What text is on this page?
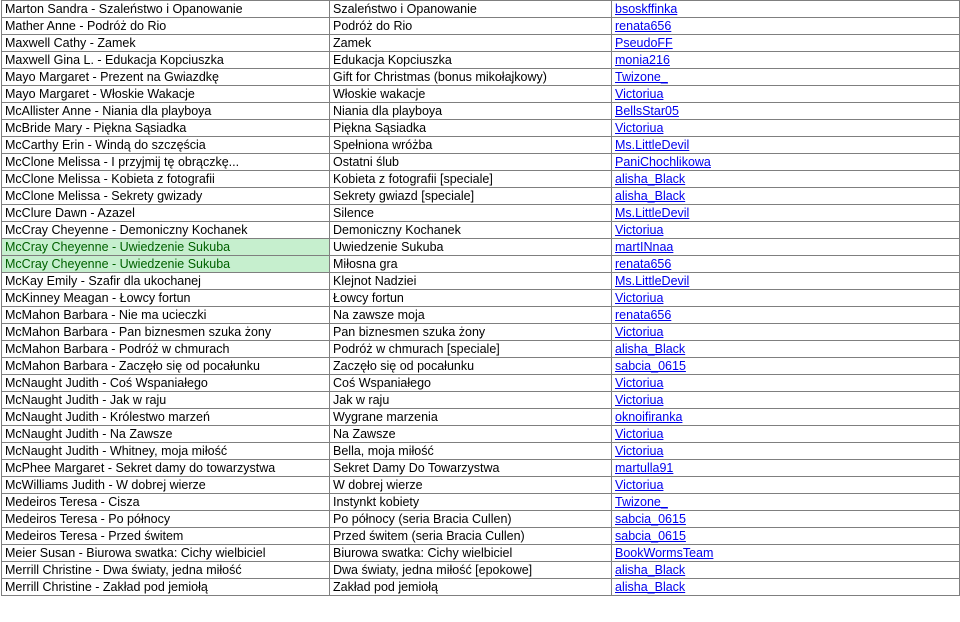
Marton Sandra - Szaleństwo i Opanowanie	Szaleństwo i Opanowanie	bsoskffinka
Mather Anne - Podróż do Rio	Podróż do Rio	renata656
Maxwell Cathy - Zamek	Zamek	PseudoFF
Maxwell Gina L. - Edukacja Kopciuszka	Edukacja Kopciuszka	monia216
Mayo Margaret - Prezent na Gwiazdkę	Gift for Christmas (bonus mikołajkowy)	Twizone_
Mayo Margaret - Włoskie Wakacje	Włoskie wakacje	Victoriua
McAllister Anne - Niania dla playboya	Niania dla playboya	BellsStar05
McBride Mary - Piękna Sąsiadka	Piękna Sąsiadka	Victoriua
McCarthy Erin - Windą do szczęścia	Spełniona wróżba	Ms.LittleDevil
McClone Melissa - I przyjmij tę obrączkę...	Ostatni ślub	PaniChochlikowa
McClone Melissa - Kobieta z fotografii	Kobieta z fotografii [speciale]	alisha_Black
McClone Melissa - Sekrety gwizady	Sekrety gwiazd [speciale]	alisha_Black
McClure Dawn - Azazel	Silence	Ms.LittleDevil
McCray Cheyenne - Demoniczny Kochanek	Demoniczny Kochanek	Victoriua
McCray Cheyenne - Uwiedzenie Sukuba	Uwiedzenie Sukuba	martINnaa
McCray Cheyenne - Uwiedzenie Sukuba	Miłosna gra	renata656
McKay Emily - Szafir dla ukochanej	Klejnot Nadziei	Ms.LittleDevil
McKinney Meagan - Łowcy fortun	Łowcy fortun	Victoriua
McMahon Barbara - Nie ma ucieczki	Na zawsze moja	renata656
McMahon Barbara - Pan biznesmen szuka żony	Pan biznesmen szuka żony	Victoriua
McMahon Barbara - Podróż w chmurach	Podróż w chmurach [speciale]	alisha_Black
McMahon Barbara - Zaczęło się od pocałunku	Zaczęło się od pocałunku	sabcia_0615
McNaught Judith - Coś Wspaniałego	Coś Wspaniałego	Victoriua
McNaught Judith - Jak w raju	Jak w raju	Victoriua
McNaught Judith - Królestwo marzeń	Wygrane marzenia	oknoifiranka
McNaught Judith - Na Zawsze	Na Zawsze	Victoriua
McNaught Judith - Whitney, moja miłość	Bella, moja miłość	Victoriua
McPhee Margaret - Sekret damy do towarzystwa	Sekret Damy Do Towarzystwa	martulla91
McWilliams Judith - W dobrej wierze	W dobrej wierze	Victoriua
Medeiros Teresa - Cisza	Instynkt kobiety	Twizone_
Medeiros Teresa - Po północy	Po północy (seria Bracia Cullen)	sabcia_0615
Medeiros Teresa - Przed świtem	Przed świtem (seria Bracia Cullen)	sabcia_0615
Meier Susan - Biurowa swatka: Cichy wielbiciel	Biurowa swatka: Cichy wielbiciel	BookWormsTeam
Merrill Christine - Dwa światy, jedna miłość	Dwa światy, jedna miłość [epokowe]	alisha_Black
Merrill Christine - Zakład pod jemiołą	Zakład pod jemiołą	alisha_Black
